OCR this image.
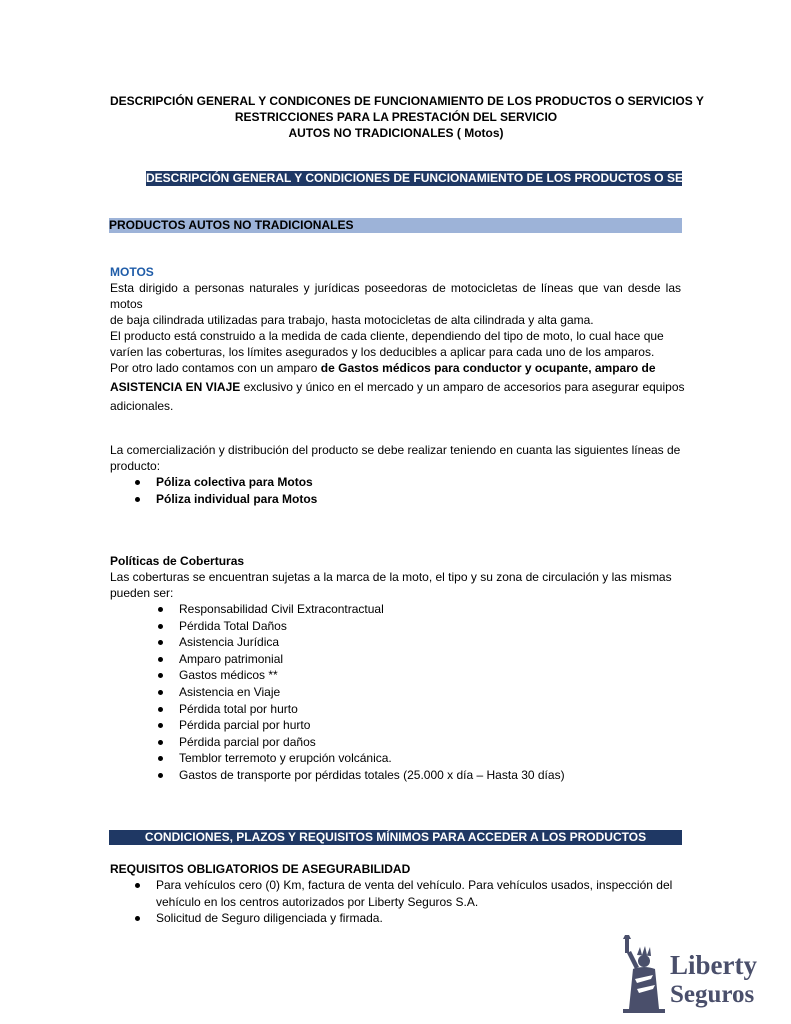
DESCRIPCIÓN GENERAL Y CONDICONES DE FUNCIONAMIENTO DE LOS PRODUCTOS O SERVICIOS Y
RESTRICCIONES PARA LA PRESTACIÓN DEL SERVICIO
AUTOS NO TRADICIONALES ( Motos)
DESCRIPCIÓN GENERAL Y CONDICIONES DE FUNCIONAMIENTO DE LOS PRODUCTOS O SERVICIOS
PRODUCTOS AUTOS NO TRADICIONALES
MOTOS
Esta dirigido a personas naturales y jurídicas poseedoras de motocicletas de líneas que van desde las motos
de baja cilindrada utilizadas para trabajo, hasta motocicletas de alta cilindrada y alta gama.
El producto está construido a la medida de cada cliente, dependiendo del tipo de moto, lo cual hace que
varíen las coberturas, los límites asegurados y los deducibles a aplicar para cada uno de los amparos.
Por otro lado contamos con un amparo de Gastos médicos para conductor y ocupante, amparo de
ASISTENCIA EN VIAJE exclusivo y único en el mercado y un amparo de accesorios para asegurar equipos
adicionales.
La comercialización y distribución del producto se debe realizar teniendo en cuanta las siguientes líneas de
producto:
Póliza colectiva para Motos
Póliza individual para Motos
Políticas de Coberturas
Las coberturas se encuentran sujetas a la marca de la moto, el tipo y su zona de circulación y las mismas
pueden ser:
Responsabilidad Civil Extracontractual
Pérdida Total Daños
Asistencia Jurídica
Amparo patrimonial
Gastos médicos **
Asistencia en Viaje
Pérdida total por hurto
Pérdida parcial por hurto
Pérdida parcial por daños
Temblor terremoto y erupción volcánica.
Gastos de transporte por pérdidas totales (25.000 x día – Hasta 30 días)
CONDICIONES, PLAZOS Y REQUISITOS MÍNIMOS PARA ACCEDER A LOS PRODUCTOS
REQUISITOS OBLIGATORIOS DE ASEGURABILIDAD
Para vehículos cero (0) Km, factura de venta del vehículo. Para vehículos usados, inspección del
vehículo en los centros autorizados por Liberty Seguros S.A.
Solicitud de Seguro diligenciada y firmada.
Liberty
Seguros
